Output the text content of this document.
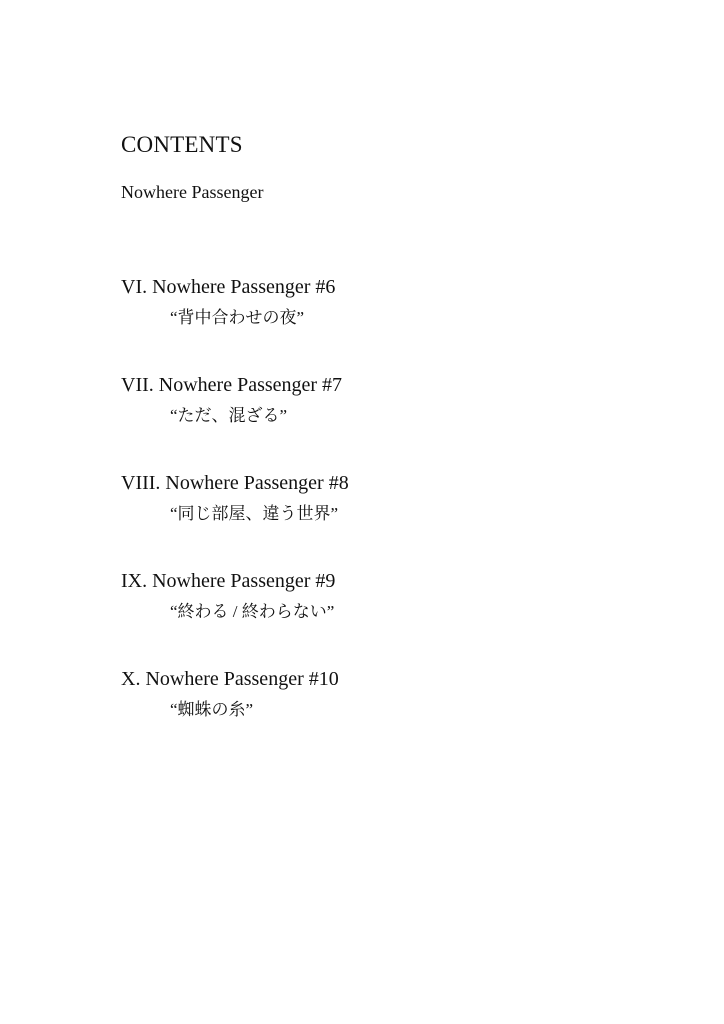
CONTENTS
Nowhere Passenger
VI. Nowhere Passenger #6
“背中合わせの夜”
VII. Nowhere Passenger #7
“ただ、混ざる”
VIII. Nowhere Passenger #8
“同じ部屋、違う世界”
IX. Nowhere Passenger #9
“終わる / 終わらない”
X. Nowhere Passenger #10
“蜘蛛の糸”
